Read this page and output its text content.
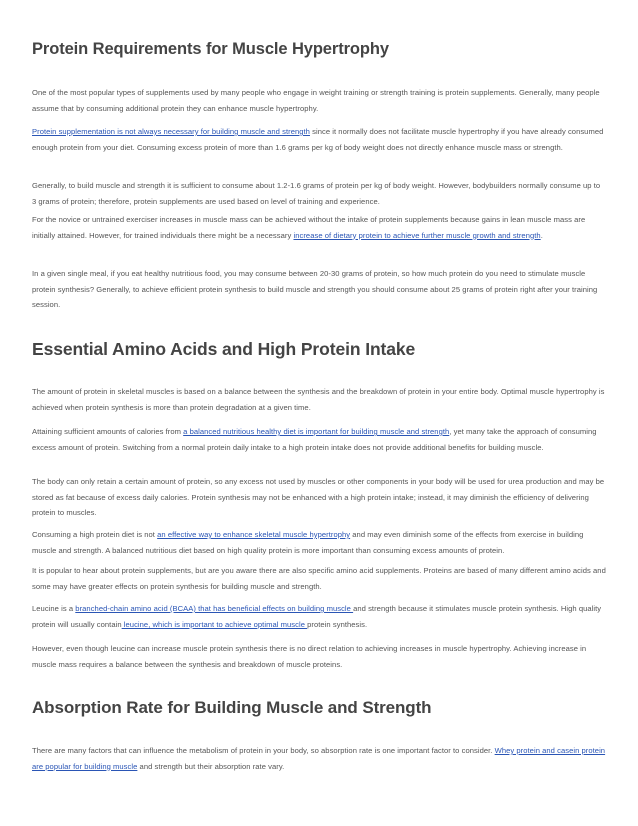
Protein Requirements for Muscle Hypertrophy

One of the most popular types of supplements used by many people who engage in weight training or strength training is protein supplements. Generally, many people assume that by consuming additional protein they can enhance muscle hypertrophy.

Protein supplementation is not always necessary for building muscle and strength since it normally does not facilitate muscle hypertrophy if you have already consumed enough protein from your diet. Consuming excess protein of more than 1.6 grams per kg of body weight does not directly enhance muscle mass or strength.

Generally, to build muscle and strength it is sufficient to consume about 1.2-1.6 grams of protein per kg of body weight. However, bodybuilders normally consume up to 3 grams of protein; therefore, protein supplements are used based on level of training and experience.

For the novice or untrained exerciser increases in muscle mass can be achieved without the intake of protein supplements because gains in lean muscle mass are initially attained. However, for trained individuals there might be a necessary increase of dietary protein to achieve further muscle growth and strength.

In a given single meal, if you eat healthy nutritious food, you may consume between 20-30 grams of protein, so how much protein do you need to stimulate muscle protein synthesis? Generally, to achieve efficient protein synthesis to build muscle and strength you should consume about 25 grams of protein right after your training session.

Essential Amino Acids and High Protein Intake

The amount of protein in skeletal muscles is based on a balance between the synthesis and the breakdown of protein in your entire body. Optimal muscle hypertrophy is achieved when protein synthesis is more than protein degradation at a given time.

Attaining sufficient amounts of calories from a balanced nutritious healthy diet is important for building muscle and strength, yet many take the approach of consuming excess amount of protein. Switching from a normal protein daily intake to a high protein intake does not provide additional benefits for building muscle.

The body can only retain a certain amount of protein, so any excess not used by muscles or other components in your body will be used for urea production and may be stored as fat because of excess daily calories. Protein synthesis may not be enhanced with a high protein intake; instead, it may diminish the efficiency of delivering protein to muscles.

Consuming a high protein diet is not an effective way to enhance skeletal muscle hypertrophy and may even diminish some of the effects from exercise in building muscle and strength. A balanced nutritious diet based on high quality protein is more important than consuming excess amounts of protein.

It is popular to hear about protein supplements, but are you aware there are also specific amino acid supplements. Proteins are based of many different amino acids and some may have greater effects on protein synthesis for building muscle and strength.

Leucine is a branched-chain amino acid (BCAA) that has beneficial effects on building muscle and strength because it stimulates muscle protein synthesis. High quality protein will usually contain leucine, which is important to achieve optimal muscle protein synthesis.

However, even though leucine can increase muscle protein synthesis there is no direct relation to achieving increases in muscle hypertrophy. Achieving increase in muscle mass requires a balance between the synthesis and breakdown of muscle proteins.

Absorption Rate for Building Muscle and Strength

There are many factors that can influence the metabolism of protein in your body, so absorption rate is one important factor to consider. Whey protein and casein protein are popular for building muscle and strength but their absorption rate vary.
